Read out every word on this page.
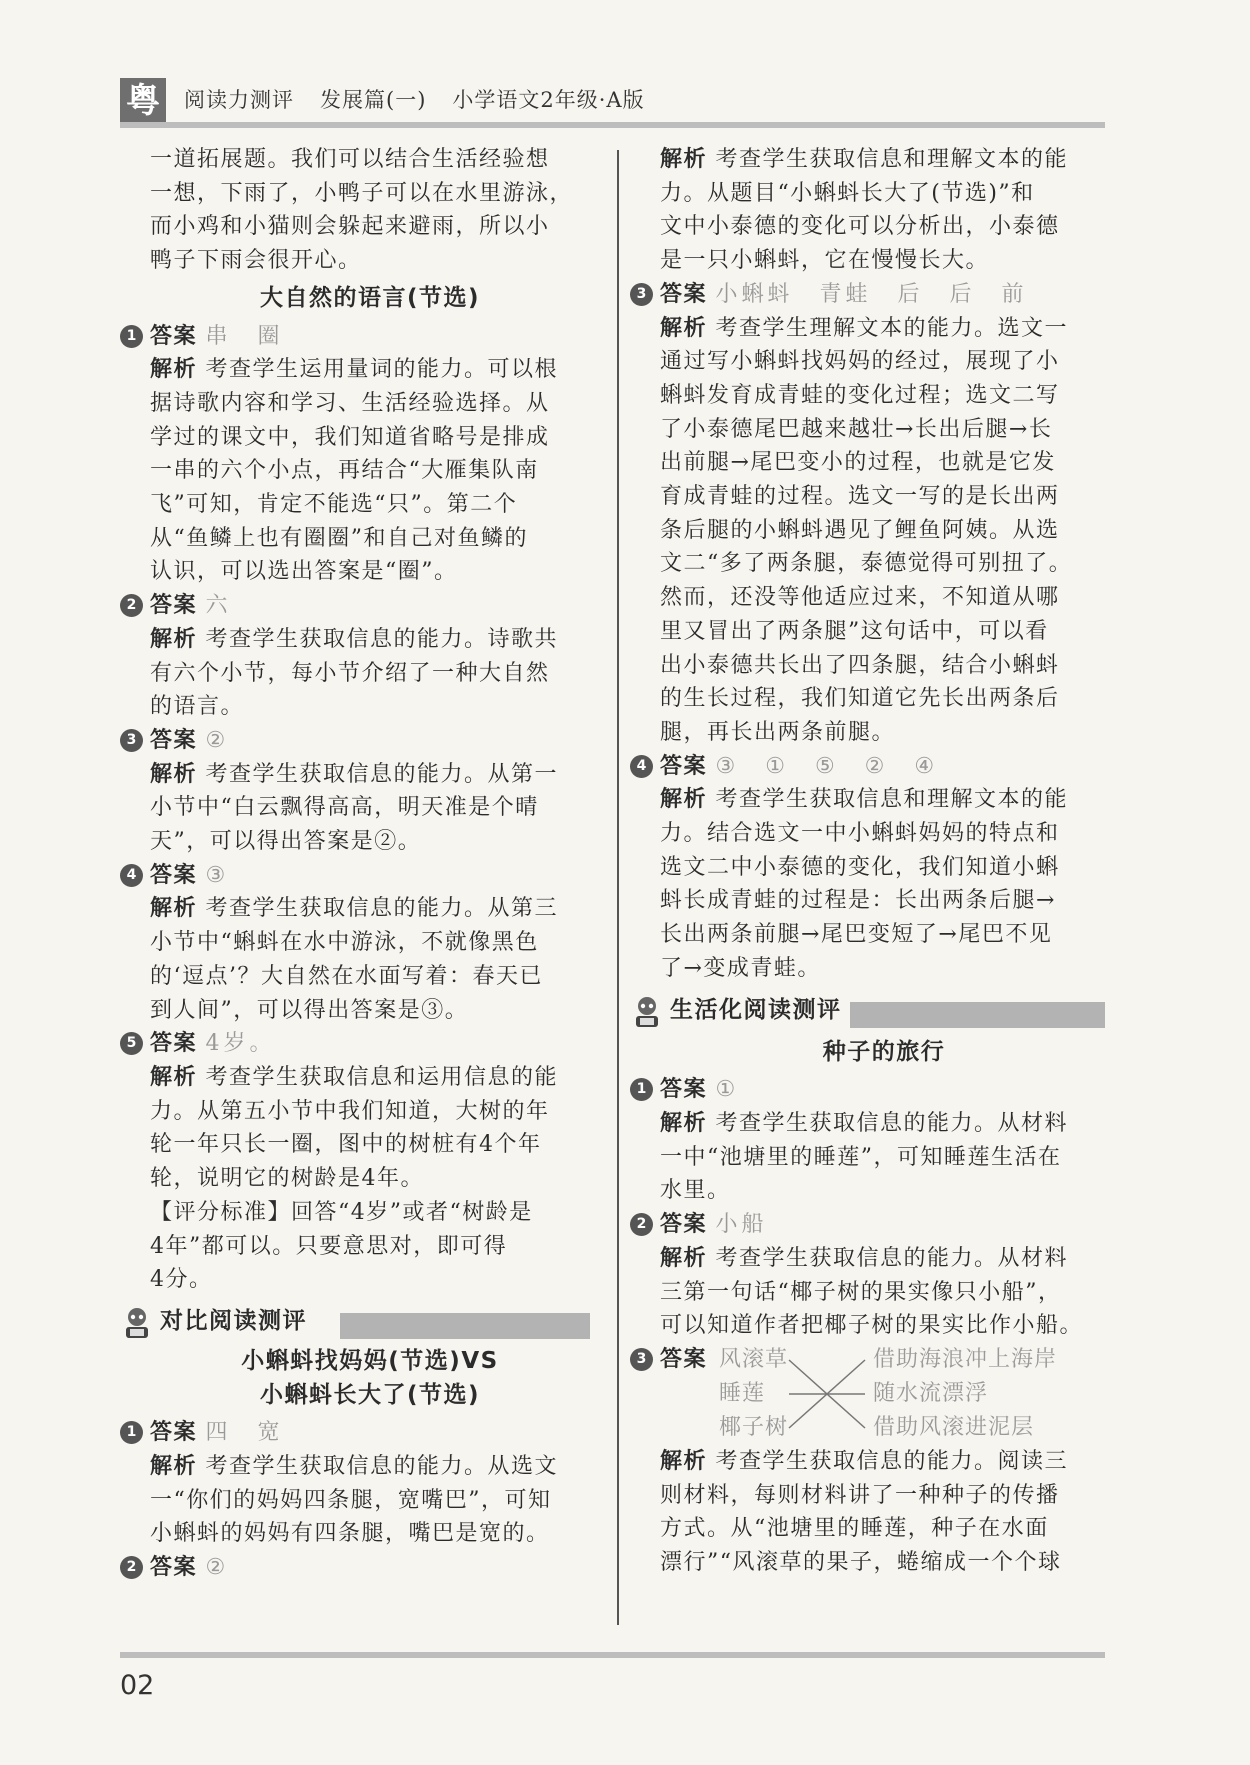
粤 阅读力测评 发展篇(一) 小学语文2年级·A版

一道拓展题。我们可以结合生活经验想

一想，下雨了，小鸭子可以在水里游泳，

而小鸡和小猫则会躲起来避雨，所以小

鸭子下雨会很开心。

大自然的语言(节选)
1 答案 串　圈

解析 考查学生运用量词的能力。可以根

据诗歌内容和学习、生活经验选择。从

学过的课文中，我们知道省略号是排成

一串的六个小点，再结合“大雁集队南

飞”可知，肯定不能选“只”。第二个

从“鱼鳞上也有圈圈”和自己对鱼鳞的

认识，可以选出答案是“圈”。

2 答案 六

解析 考查学生获取信息的能力。诗歌共

有六个小节，每小节介绍了一种大自然

的语言。

3 答案 ②

解析 考查学生获取信息的能力。从第一

小节中“白云飘得高高，明天准是个晴

天”，可以得出答案是②。

4 答案 ③

解析 考查学生获取信息的能力。从第三

小节中“蝌蚪在水中游泳，不就像黑色

的‘逗点’？大自然在水面写着：春天已

到人间”，可以得出答案是③。

5 答案 4岁。

解析 考查学生获取信息和运用信息的能

力。从第五小节中我们知道，大树的年

轮一年只长一圈，图中的树桩有4个年

轮，说明它的树龄是4年。

【评分标准】回答“4岁”或者“树龄是

4年”都可以。只要意思对，即可得

4分。

对比阅读测评
小蝌蚪找妈妈(节选)VS
小蝌蚪长大了(节选)
1 答案 四　宽

解析 考查学生获取信息的能力。从选文

一“你们的妈妈四条腿，宽嘴巴”，可知

小蝌蚪的妈妈有四条腿，嘴巴是宽的。

2 答案 ②

解析 考查学生获取信息和理解文本的能

力。从题目“小蝌蚪长大了(节选)”和

文中小泰德的变化可以分析出，小泰德

是一只小蝌蚪，它在慢慢长大。

3 答案 小蝌蚪　青蛙　后　后　前

解析 考查学生理解文本的能力。选文一

通过写小蝌蚪找妈妈的经过，展现了小

蝌蚪发育成青蛙的变化过程；选文二写

了小泰德尾巴越来越壮→长出后腿→长

出前腿→尾巴变小的过程，也就是它发

育成青蛙的过程。选文一写的是长出两

条后腿的小蝌蚪遇见了鲤鱼阿姨。从选

文二“多了两条腿，泰德觉得可别扭了。

然而，还没等他适应过来，不知道从哪

里又冒出了两条腿”这句话中，可以看

出小泰德共长出了四条腿，结合小蝌蚪

的生长过程，我们知道它先长出两条后

腿，再长出两条前腿。

4 答案 ③　①　⑤　②　④

解析 考查学生获取信息和理解文本的能

力。结合选文一中小蝌蚪妈妈的特点和

选文二中小泰德的变化，我们知道小蝌

蚪长成青蛙的过程是：长出两条后腿→

长出两条前腿→尾巴变短了→尾巴不见

了→变成青蛙。

生活化阅读测评
种子的旅行
1 答案 ①

解析 考查学生获取信息的能力。从材料

一中“池塘里的睡莲”，可知睡莲生活在

水里。

2 答案 小船

解析 考查学生获取信息的能力。从材料

三第一句话“椰子树的果实像只小船”，

可以知道作者把椰子树的果实比作小船。

3 答案 风滚草
睡莲
椰子树
借助海浪冲上海岸
随水流漂浮
借助风滚进泥层

解析 考查学生获取信息的能力。阅读三

则材料，每则材料讲了一种种子的传播

方式。从“池塘里的睡莲，种子在水面

漂行”“风滚草的果子，蜷缩成一个个球

02
